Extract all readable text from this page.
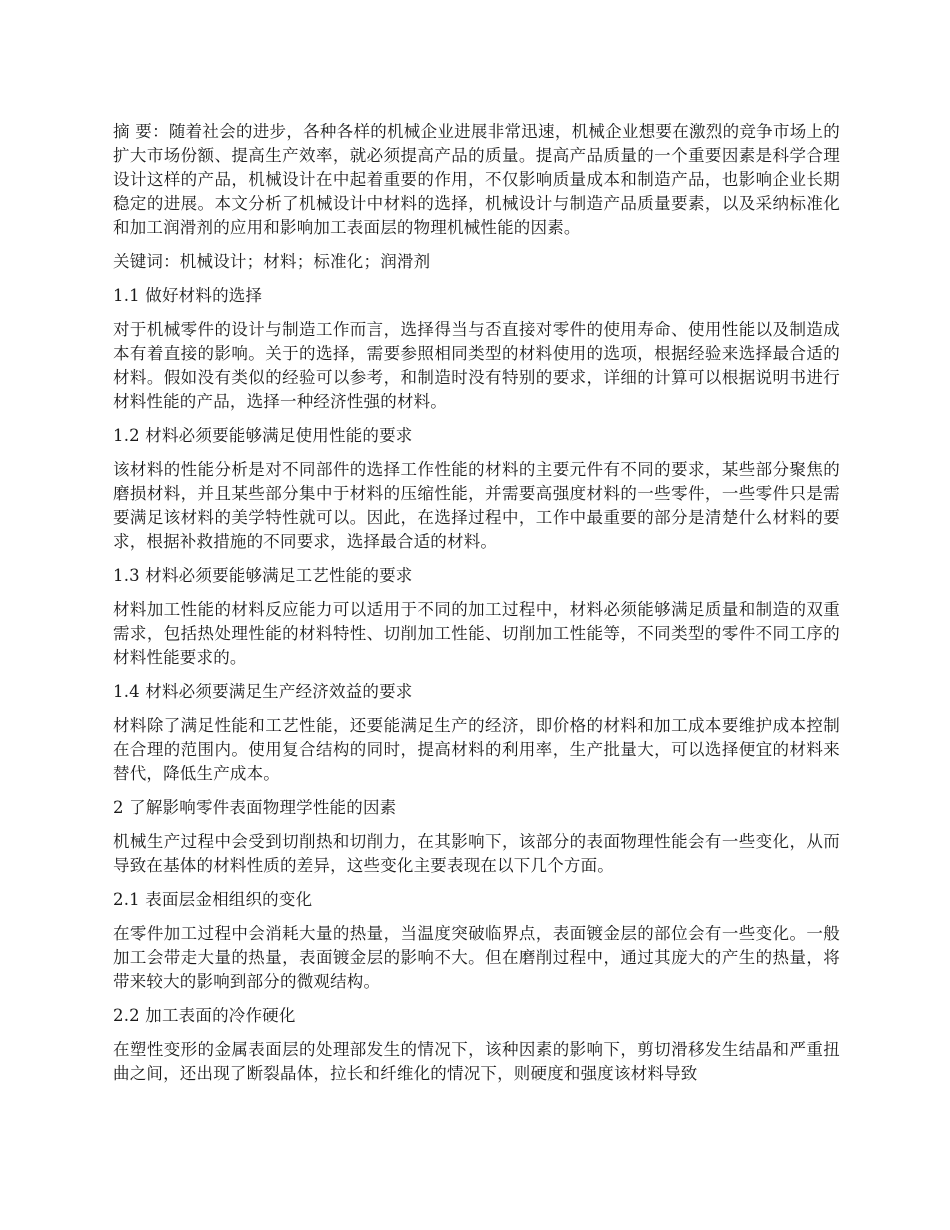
摘 要：随着社会的进步，各种各样的机械企业进展非常迅速，机械企业想要在激烈的竞争市场上的扩大市场份额、提高生产效率，就必须提高产品的质量。提高产品质量的一个重要因素是科学合理设计这样的产品，机械设计在中起着重要的作用，不仅影响质量成本和制造产品，也影响企业长期稳定的进展。本文分析了机械设计中材料的选择，机械设计与制造产品质量要素，以及采纳标准化和加工润滑剂的应用和影响加工表面层的物理机械性能的因素。

关键词：机械设计；材料；标准化；润滑剂

1.1 做好材料的选择

对于机械零件的设计与制造工作而言，选择得当与否直接对零件的使用寿命、使用性能以及制造成本有着直接的影响。关于的选择，需要参照相同类型的材料使用的选项，根据经验来选择最合适的材料。假如没有类似的经验可以参考，和制造时没有特别的要求，详细的计算可以根据说明书进行材料性能的产品，选择一种经济性强的材料。

1.2 材料必须要能够满足使用性能的要求

该材料的性能分析是对不同部件的选择工作性能的材料的主要元件有不同的要求，某些部分聚焦的磨损材料，并且某些部分集中于材料的压缩性能，并需要高强度材料的一些零件，一些零件只是需要满足该材料的美学特性就可以。因此，在选择过程中，工作中最重要的部分是清楚什么材料的要求，根据补救措施的不同要求，选择最合适的材料。

1.3 材料必须要能够满足工艺性能的要求

材料加工性能的材料反应能力可以适用于不同的加工过程中，材料必须能够满足质量和制造的双重需求，包括热处理性能的材料特性、切削加工性能、切削加工性能等，不同类型的零件不同工序的材料性能要求的。

1.4 材料必须要满足生产经济效益的要求

材料除了满足性能和工艺性能，还要能满足生产的经济，即价格的材料和加工成本要维护成本控制在合理的范围内。使用复合结构的同时，提高材料的利用率，生产批量大，可以选择便宜的材料来替代，降低生产成本。

2 了解影响零件表面物理学性能的因素

机械生产过程中会受到切削热和切削力，在其影响下，该部分的表面物理性能会有一些变化，从而导致在基体的材料性质的差异，这些变化主要表现在以下几个方面。

2.1 表面层金相组织的变化

在零件加工过程中会消耗大量的热量，当温度突破临界点，表面镀金层的部位会有一些变化。一般加工会带走大量的热量，表面镀金层的影响不大。但在磨削过程中，通过其庞大的产生的热量，将带来较大的影响到部分的微观结构。

2.2 加工表面的冷作硬化

在塑性变形的金属表面层的处理部发生的情况下，该种因素的影响下，剪切滑移发生结晶和严重扭曲之间，还出现了断裂晶体，拉长和纤维化的情况下，则硬度和强度该材料导致
